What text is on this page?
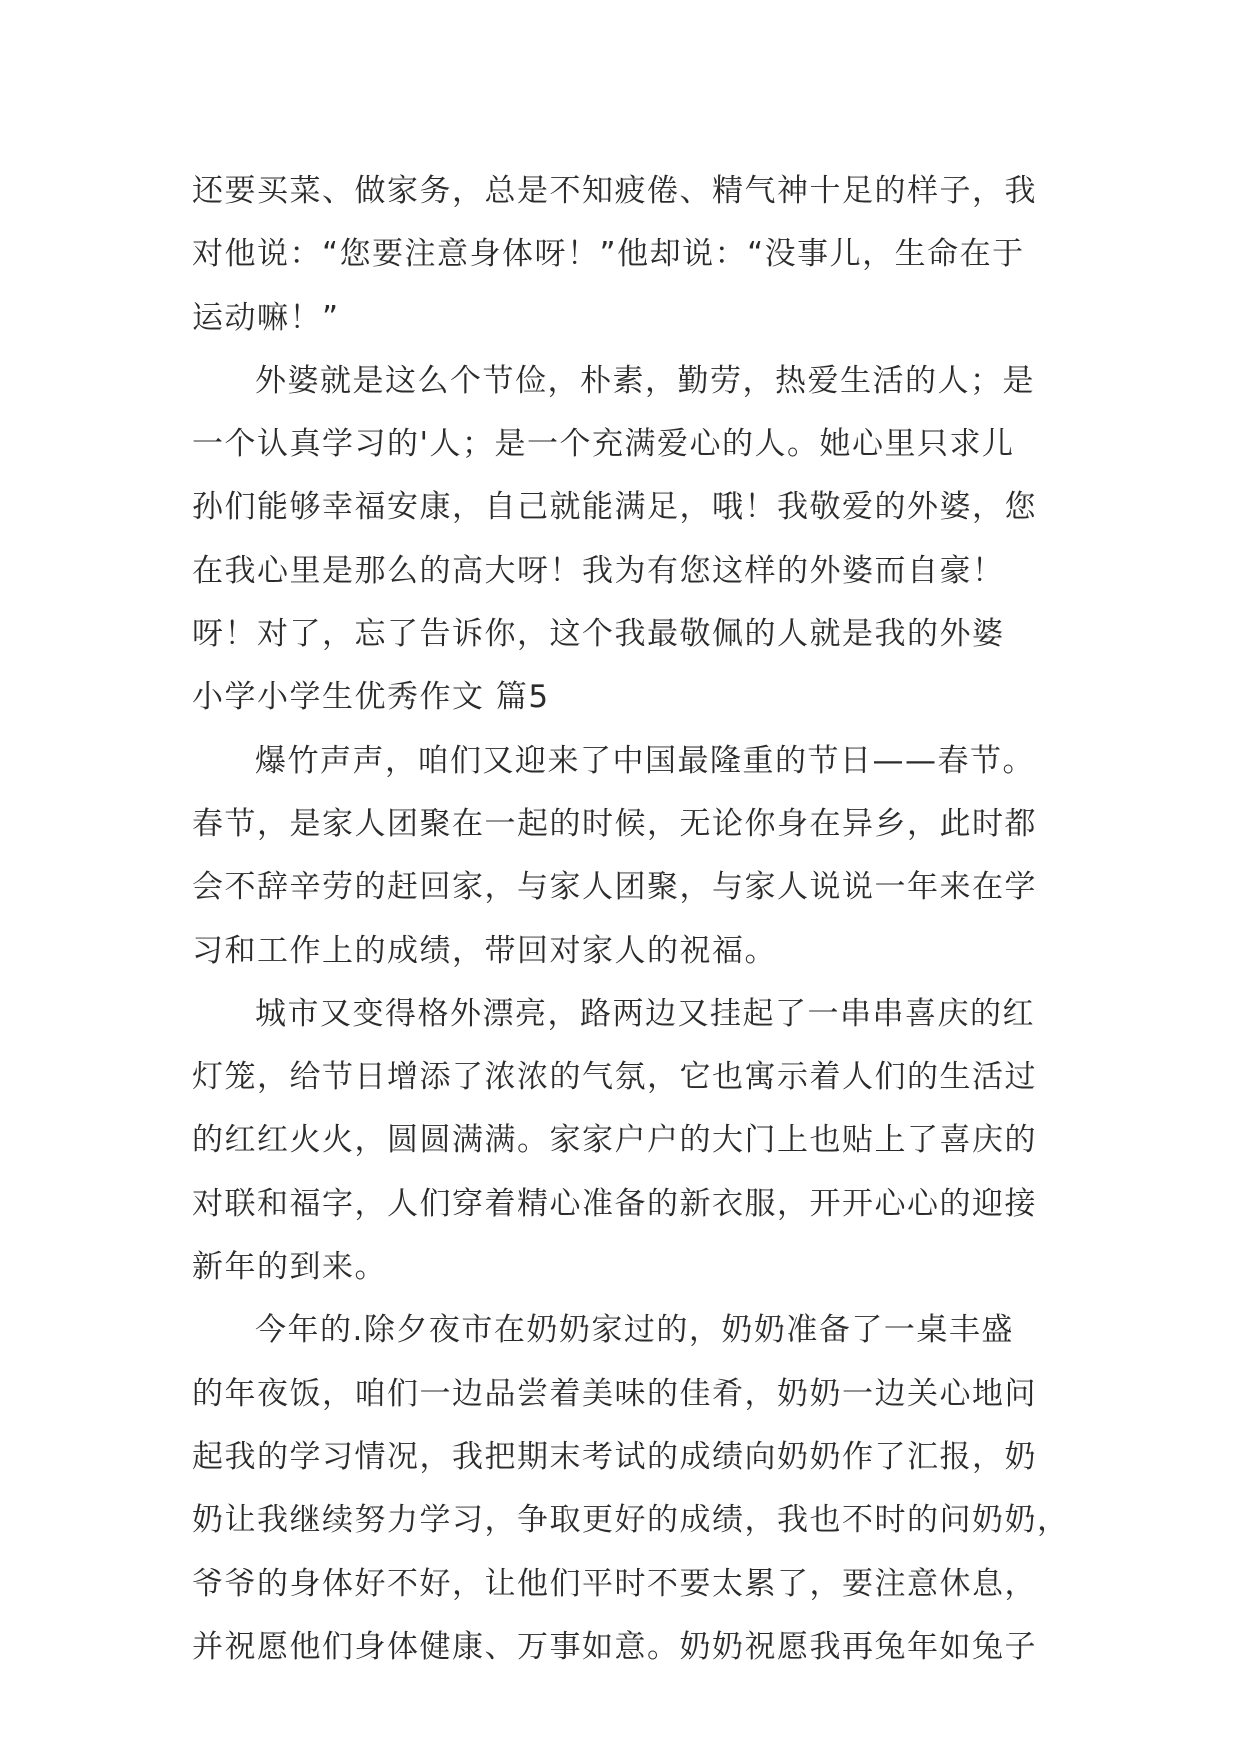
还要买菜、做家务，总是不知疲倦、精气神十足的样子，我
对他说：“您要注意身体呀！”他却说：“没事儿，生命在于
运动嘛！”
外婆就是这么个节俭，朴素，勤劳，热爱生活的人；是
一个认真学习的'人；是一个充满爱心的人。她心里只求儿
孙们能够幸福安康，自己就能满足，哦！我敬爱的外婆，您
在我心里是那么的高大呀！我为有您这样的外婆而自豪！
呀！对了，忘了告诉你，这个我最敬佩的人就是我的外婆
小学小学生优秀作文 篇5
爆竹声声，咱们又迎来了中国最隆重的节日——春节。
春节，是家人团聚在一起的时候，无论你身在异乡，此时都
会不辞辛劳的赶回家，与家人团聚，与家人说说一年来在学
习和工作上的成绩，带回对家人的祝福。
城市又变得格外漂亮，路两边又挂起了一串串喜庆的红
灯笼，给节日增添了浓浓的气氛，它也寓示着人们的生活过
的红红火火，圆圆满满。家家户户的大门上也贴上了喜庆的
对联和福字，人们穿着精心准备的新衣服，开开心心的迎接
新年的到来。
今年的.除夕夜市在奶奶家过的，奶奶准备了一桌丰盛
的年夜饭，咱们一边品尝着美味的佳肴，奶奶一边关心地问
起我的学习情况，我把期末考试的成绩向奶奶作了汇报，奶
奶让我继续努力学习，争取更好的成绩，我也不时的问奶奶，
爷爷的身体好不好，让他们平时不要太累了，要注意休息，
并祝愿他们身体健康、万事如意。奶奶祝愿我再兔年如兔子
